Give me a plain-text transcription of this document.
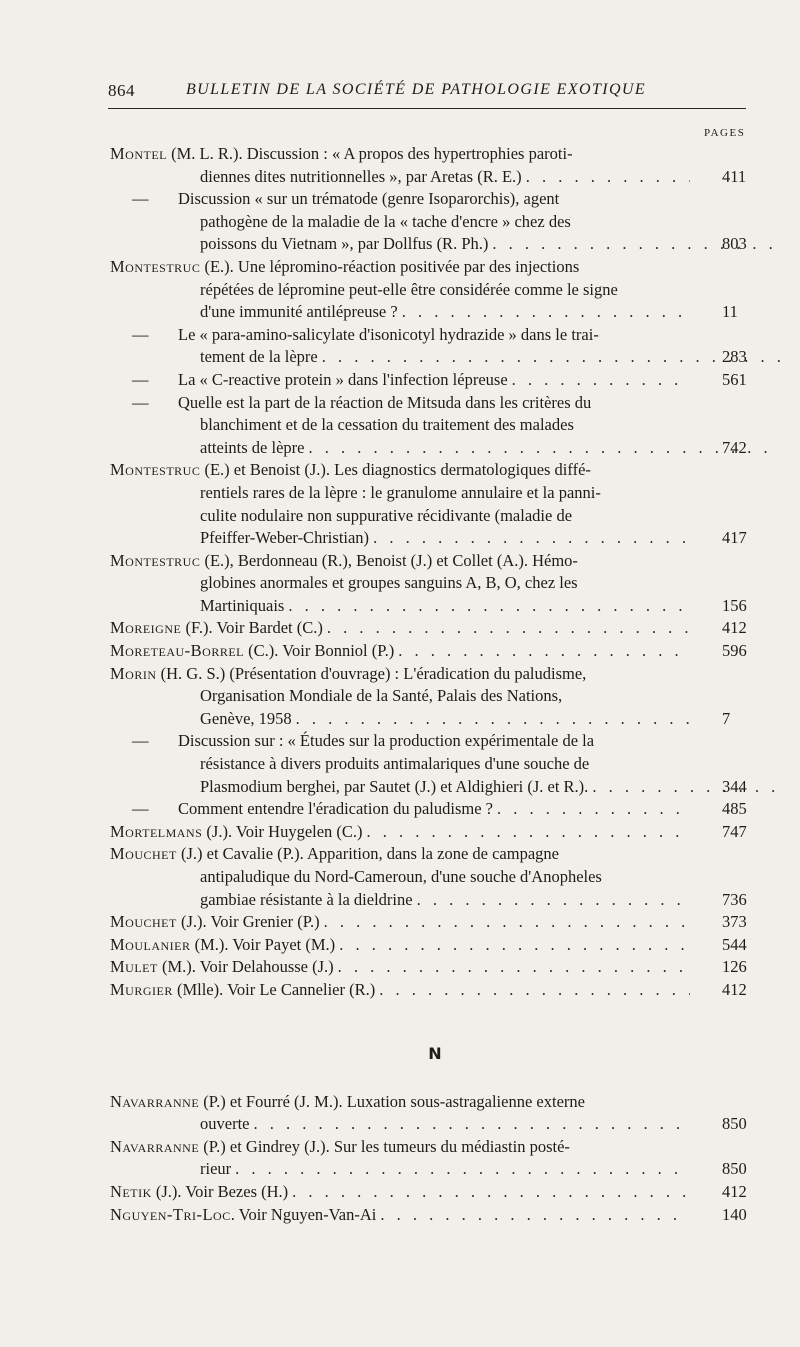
864	BULLETIN DE LA SOCIÉTÉ DE PATHOLOGIE EXOTIQUE
PAGES
Montel (M. L. R.). Discussion : « A propos des hypertrophies paroti-
diennes dites nutritionnelles », par Aretas (R. E.) . . .	411
— Discussion « sur un trématode (genre Isoparorchis), agent
pathogène de la maladie de la « tache d'encre » chez des
poissons du Vietnam », par Dollfus (R. Ph.) . . .	803
Montestruc (E.). Une lépromino-réaction positivée par des injections
répétées de lépromine peut-elle être considérée comme le signe
d'une immunité antilépreuse ? . . .	11
— Le « para-amino-salicylate d'isonicotyl hydrazide » dans le trai-
tement de la lèpre . . .	283
— La « C-reactive protein » dans l'infection lépreuse . . .	561
— Quelle est la part de la réaction de Mitsuda dans les critères du
blanchiment et de la cessation du traitement des malades
atteints de lèpre . . .	742
Montestruc (E.) et Benoist (J.). Les diagnostics dermatologiques diffé-
rentiels rares de la lèpre : le granulome annulaire et la panni-
culite nodulaire non suppurative récidivante (maladie de
Pfeiffer-Weber-Christian) . . .	417
Montestruc (E.), Berdonneau (R.), Benoist (J.) et Collet (A.). Hémo-
globines anormales et groupes sanguins A, B, O, chez les
Martiniquais . . .	156
Moreigne (F.). Voir Bardet (C.) . . .	412
Moreteau-Borrel (C.). Voir Bonniol (P.) . . .	596
Morin (H. G. S.) (Présentation d'ouvrage) : L'éradication du paludisme,
Organisation Mondiale de la Santé, Palais des Nations,
Genève, 1958 . . .	7
— Discussion sur : « Études sur la production expérimentale de la
résistance à divers produits antimalariques d'une souche de
Plasmodium berghei, par Sautet (J.) et Aldighieri (J. et R.). . . .	344
— Comment entendre l'éradication du paludisme ? . . .	485
Mortelmans (J.). Voir Huygelen (C.) . . .	747
Mouchet (J.) et Cavalie (P.). Apparition, dans la zone de campagne
antipaludique du Nord-Cameroun, d'une souche d'Anopheles
gambiae résistante à la dieldrine . . .	736
Mouchet (J.). Voir Grenier (P.) . . .	373
Moulanier (M.). Voir Payet (M.) . . .	544
Mulet (M.). Voir Delahousse (J.) . . .	126
Murgier (Mlle). Voir Le Cannelier (R.) . . .	412
N
Navarranne (P.) et Fourré (J. M.). Luxation sous-astragalienne externe
ouverte . . .	850
Navarranne (P.) et Gindrey (J.). Sur les tumeurs du médiastin posté-
rieur . . .	850
Netik (J.). Voir Bezes (H.) . . .	412
Nguyen-Tri-Loc. Voir Nguyen-Van-Ai . . .	140
